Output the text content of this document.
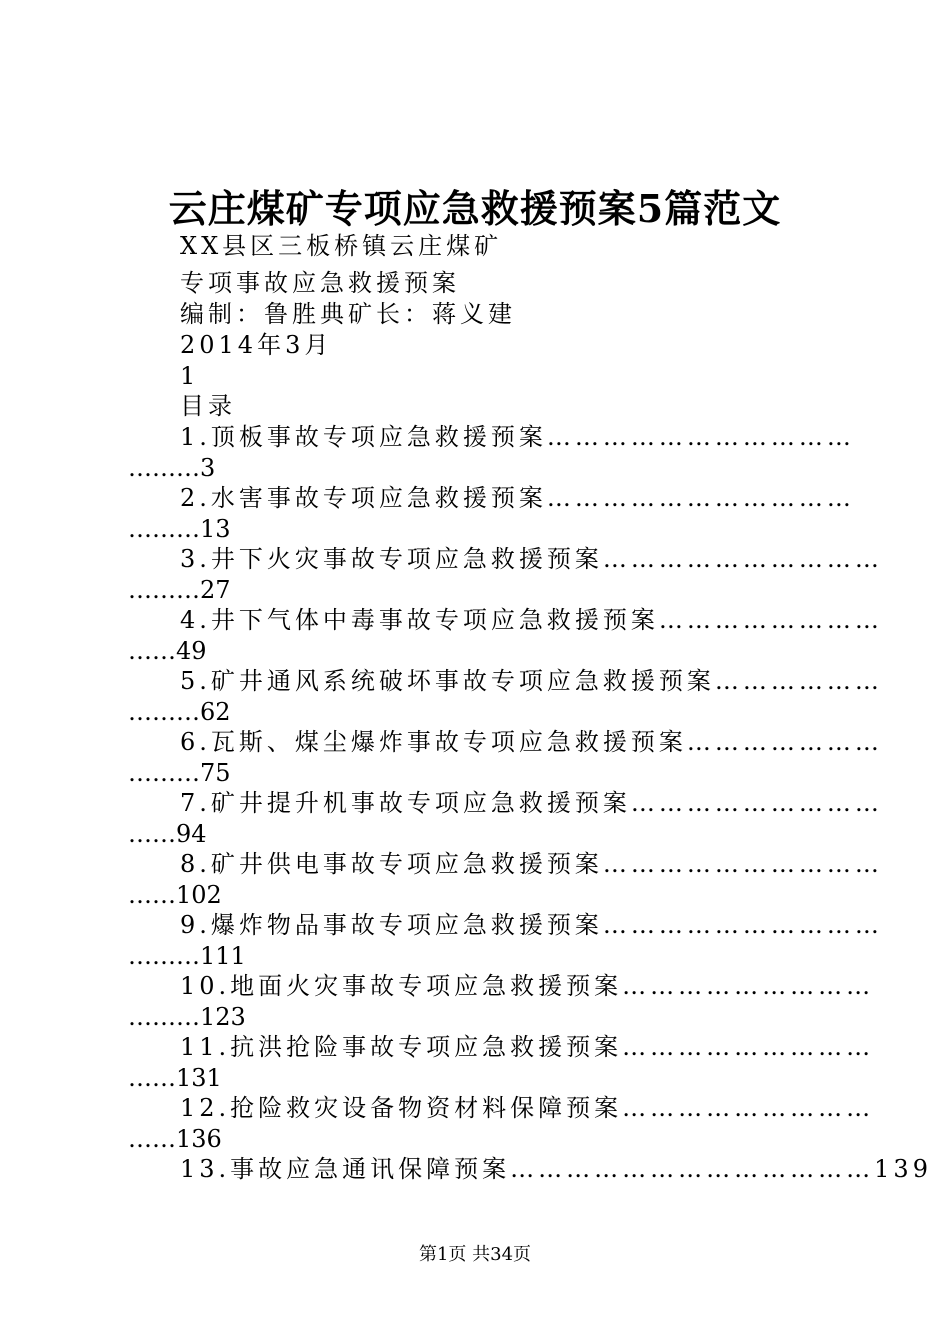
云庄煤矿专项应急救援预案5篇范文
XX县区三板桥镇云庄煤矿
专项事故应急救援预案
编制：鲁胜典矿长：蒋义建
2014年3月
1
目录
1.顶板事故专项应急救援预案……………………………
………3
2.水害事故专项应急救援预案……………………………
………13
3.井下火灾事故专项应急救援预案…………………………
………27
4.井下气体中毒事故专项应急救援预案……………………
……49
5.矿井通风系统破坏事故专项应急救援预案………………
………62
6.瓦斯、煤尘爆炸事故专项应急救援预案…………………
………75
7.矿井提升机事故专项应急救援预案………………………
……94
8.矿井供电事故专项应急救援预案…………………………
……102
9.爆炸物品事故专项应急救援预案…………………………
………111
10.地面火灾事故专项应急救援预案………………………
………123
11.抗洪抢险事故专项应急救援预案………………………
……131
12.抢险救灾设备物资材料保障预案………………………
……136
13.事故应急通讯保障预案…………………………………139
第1页 共34页
